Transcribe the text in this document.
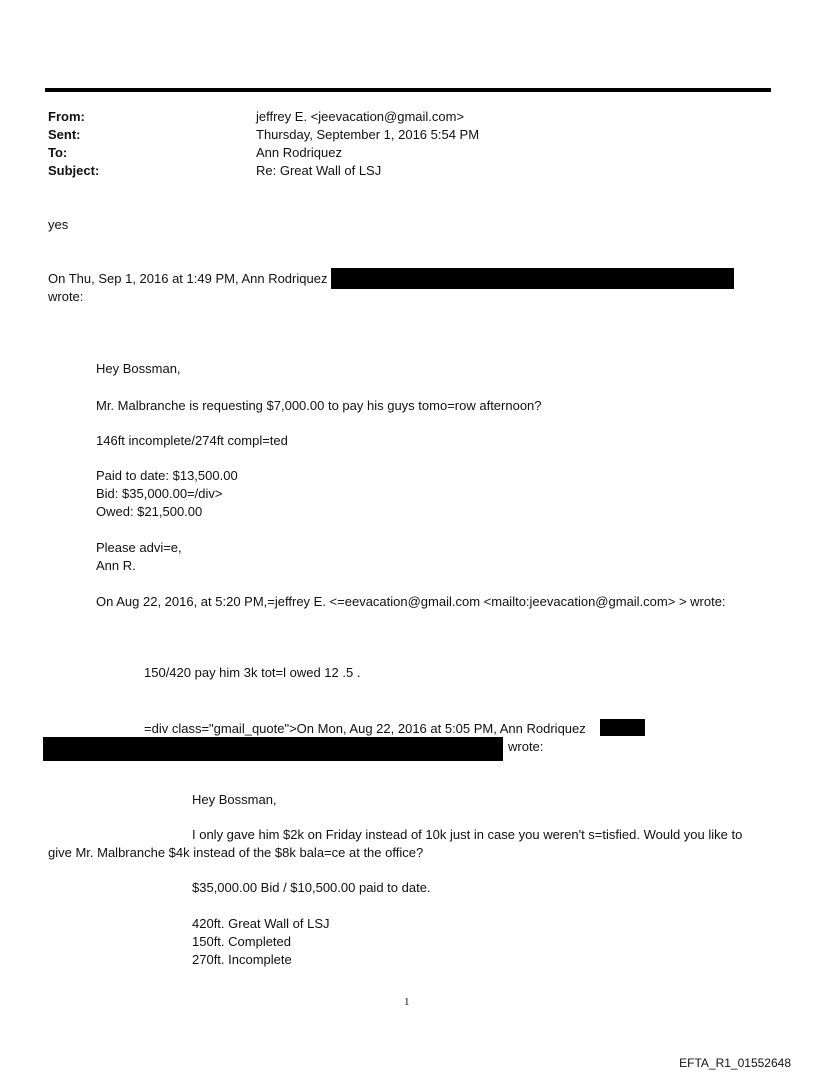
From:	jeffrey E. <jeevacation@gmail.com>
Sent:	Thursday, September 1, 2016 5:54 PM
To:	Ann Rodriquez
Subject:	Re: Great Wall of LSJ
yes
On Thu, Sep 1, 2016 at 1:49 PM, Ann Rodriquez
wrote:
Hey Bossman,
Mr. Malbranche is requesting $7,000.00 to pay his guys tomo=row afternoon?
146ft incomplete/274ft compl=ted
Paid to date: $13,500.00
Bid: $35,000.00=/div>
Owed: $21,500.00
Please advi=e,
Ann R.
On Aug 22, 2016, at 5:20 PM,=jeffrey E. <=eevacation@gmail.com <mailto:jeevacation@gmail.com> > wrote:
150/420 pay him 3k tot=l owed 12 .5 .
=div class="gmail_quote">On Mon, Aug 22, 2016 at 5:05 PM, Ann Rodriquez
wrote:
Hey Bossman,
I only gave him $2k on Friday instead of 10k just in case you weren't s=tisfied. Would you like to
give Mr. Malbranche $4k instead of the $8k bala=ce at the office?
$35,000.00 Bid / $10,500.00 paid to date.
420ft. Great Wall of LSJ
150ft. Completed
270ft. Incomplete
1
EFTA_R1_01552648
